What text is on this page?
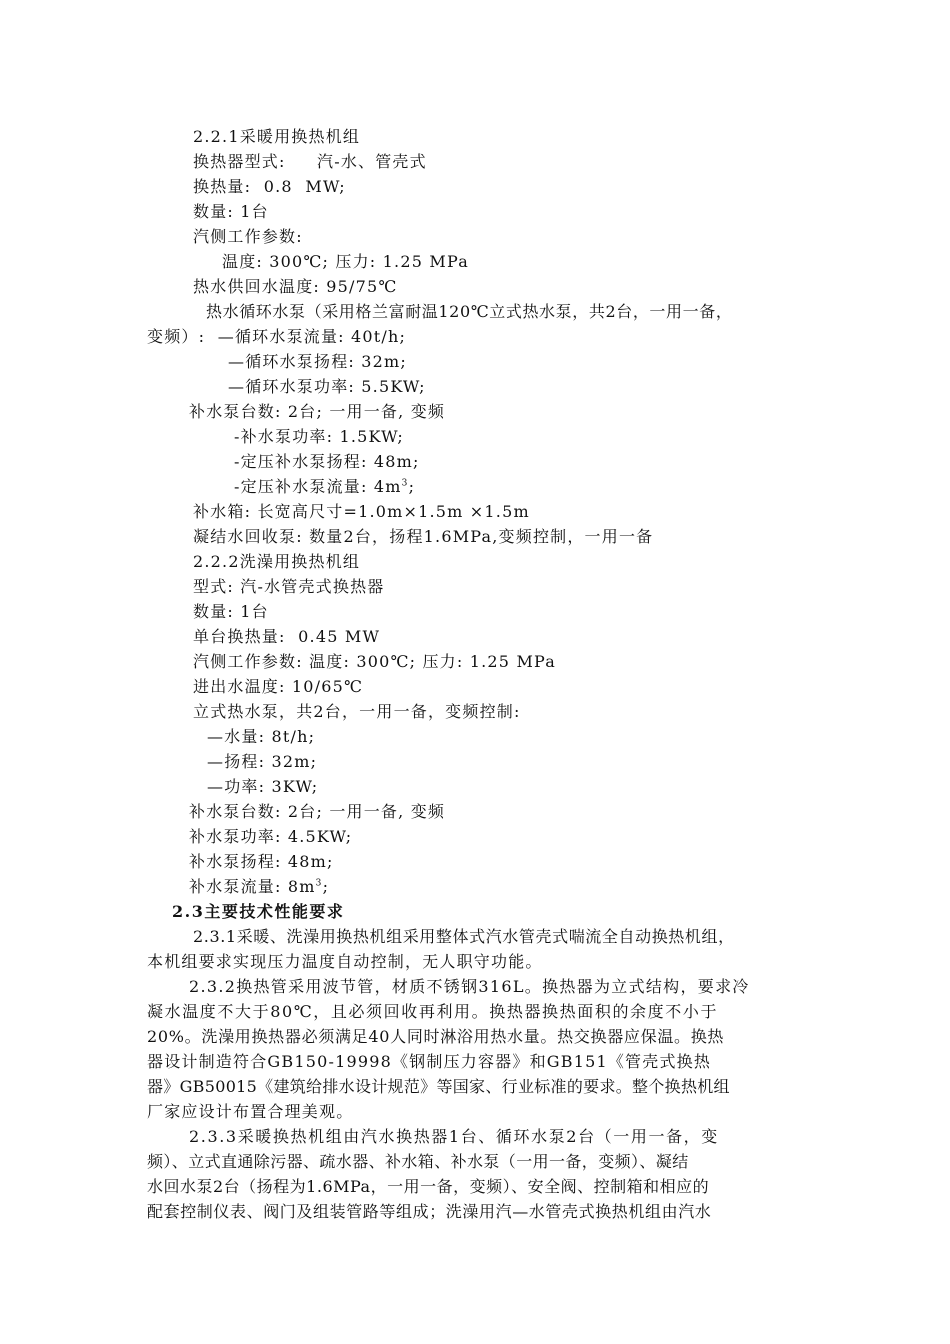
2.2.1采暖用换热机组
换热器型式:     汽-水、管壳式
换热量:  0.8  MW;
数量: 1台
汽侧工作参数:
温度: 300℃; 压力: 1.25 MPa
热水供回水温度: 95/75℃
热水循环水泵（采用格兰富耐温120℃立式热水泵，共2台，一用一备，
变频）:  —循环水泵流量: 40t/h;
—循环水泵扬程: 32m;
—循环水泵功率: 5.5KW;
补水泵台数: 2台; 一用一备, 变频
-补水泵功率: 1.5KW;
-定压补水泵扬程: 48m;
-定压补水泵流量: $4m^3$;
补水箱: 长宽高尺寸=1.0m×1.5m ×1.5m
凝结水回收泵: 数量2台，扬程1.6MPa,变频控制，一用一备
2.2.2洗澡用换热机组
型式: 汽-水管壳式换热器
数量: 1台
单台换热量:  0.45 MW
汽侧工作参数: 温度: 300℃; 压力: 1.25 MPa
进出水温度: 10/65℃
立式热水泵，共2台，一用一备，变频控制:
—水量: 8t/h;
—扬程: 32m;
—功率: 3KW;
补水泵台数: 2台; 一用一备, 变频
补水泵功率: 4.5KW;
补水泵扬程: 48m;
补水泵流量: $8m^3$;
2.3主要技术性能要求
2.3.1采暖、洗澡用换热机组采用整体式汽水管壳式喘流全自动换热机组，
本机组要求实现压力温度自动控制，无人职守功能。
2.3.2换热管采用波节管，材质不锈钢316L。换热器为立式结构，要求冷
凝水温度不大于80℃，且必须回收再利用。换热器换热面积的余度不小于
20%。洗澡用换热器必须满足40人同时淋浴用热水量。热交换器应保温。换热
器设计制造符合GB150-19998《钢制压力容器》和GB151《管壳式换热
器》GB50015《建筑给排水设计规范》等国家、行业标准的要求。整个换热机组
厂家应设计布置合理美观。
2.3.3采暖换热机组由汽水换热器1台、循环水泵2台（一用一备，变
频）、立式直通除污器、疏水器、补水箱、补水泵（一用一备，变频）、凝结
水回水泵2台（扬程为1.6MPa，一用一备，变频）、安全阀、控制箱和相应的
配套控制仪表、阀门及组装管路等组成；洗澡用汽—水管壳式换热机组由汽水
